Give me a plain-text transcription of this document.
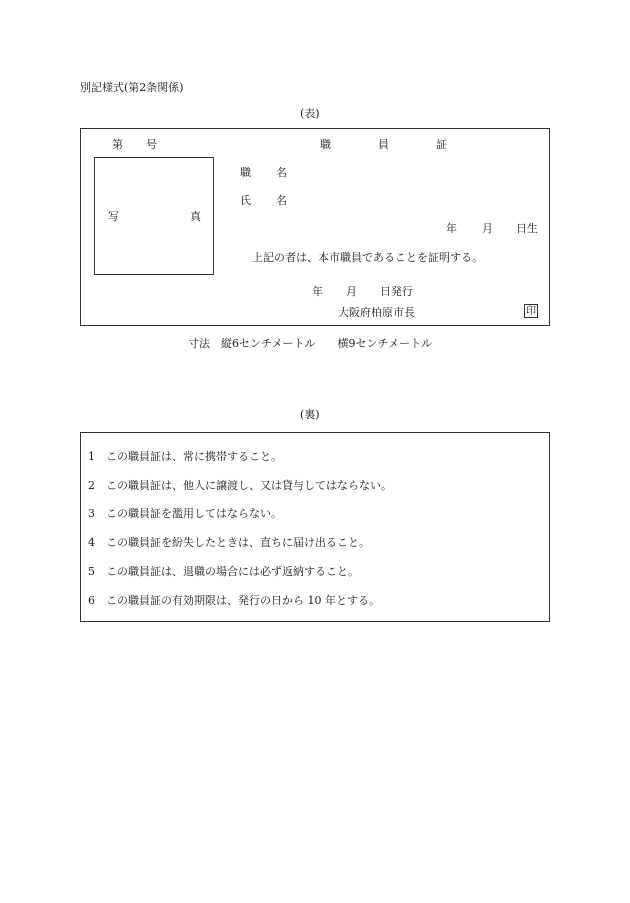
別記様式(第2条関係)
(表)
第 号	職	員	証
写	真
職 名
氏 名
年 月 日生
上記の者は、本市職員であることを証明する。
年 月 日発行
大阪府柏原市長	印
寸法　縦6センチメートル　　横9センチメートル
(裏)
1 この職員証は、常に携帯すること。
2 この職員証は、他人に譲渡し、又は貸与してはならない。
3 この職員証を濫用してはならない。
4 この職員証を紛失したときは、直ちに届け出ること。
5 この職員証は、退職の場合には必ず返納すること。
6 この職員証の有効期限は、発行の日から 10 年とする。
